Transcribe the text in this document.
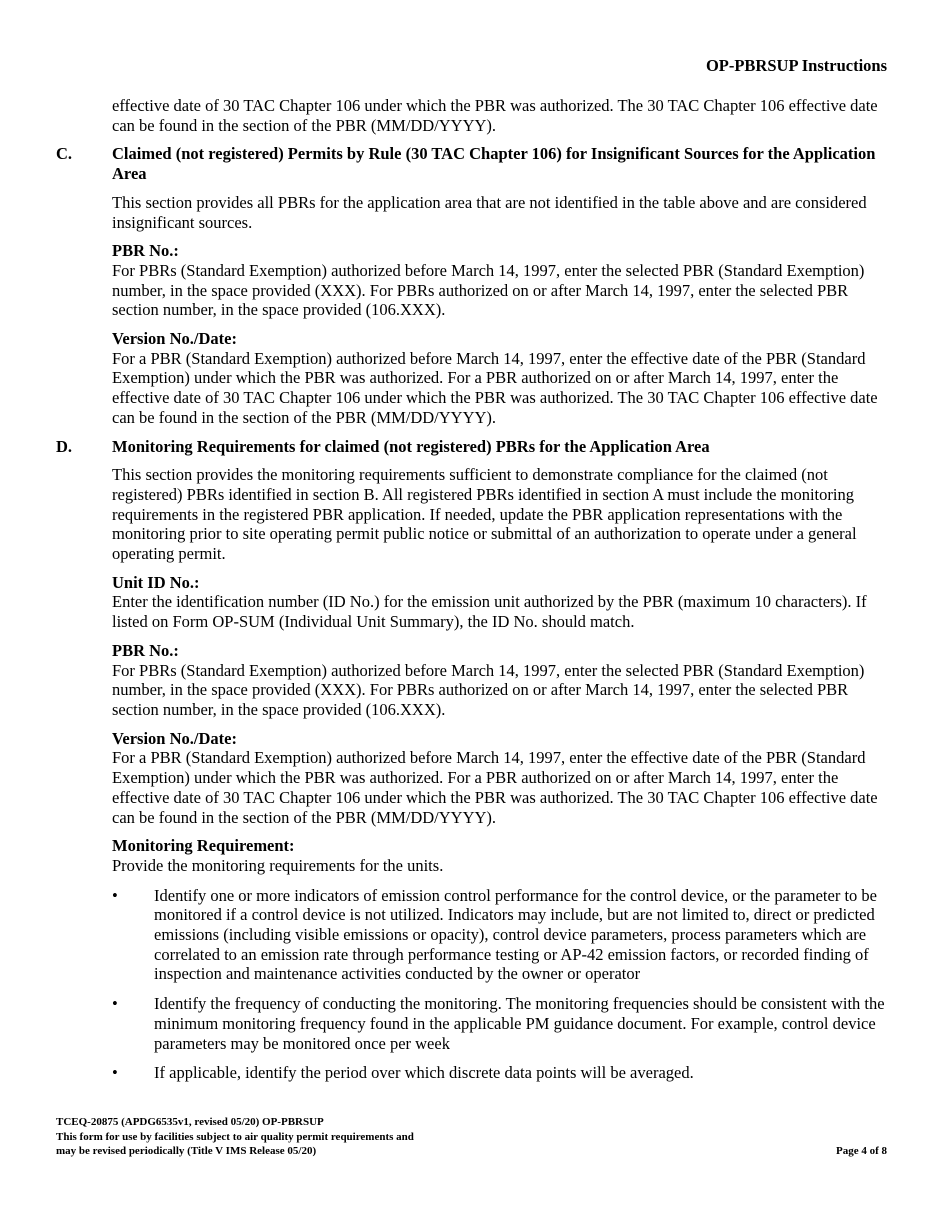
OP-PBRSUP Instructions

effective date of 30 TAC Chapter 106 under which the PBR was authorized. The 30 TAC Chapter 106 effective date can be found in the section of the PBR (MM/DD/YYYY).

C.	Claimed (not registered) Permits by Rule (30 TAC Chapter 106) for Insignificant Sources for the Application Area

This section provides all PBRs for the application area that are not identified in the table above and are considered insignificant sources.

PBR No.:

For PBRs (Standard Exemption) authorized before March 14, 1997, enter the selected PBR (Standard Exemption) number, in the space provided (XXX). For PBRs authorized on or after March 14, 1997, enter the selected PBR section number, in the space provided (106.XXX).

Version No./Date:

For a PBR (Standard Exemption) authorized before March 14, 1997, enter the effective date of the PBR (Standard Exemption) under which the PBR was authorized. For a PBR authorized on or after March 14, 1997, enter the effective date of 30 TAC Chapter 106 under which the PBR was authorized. The 30 TAC Chapter 106 effective date can be found in the section of the PBR (MM/DD/YYYY).

D.	Monitoring Requirements for claimed (not registered) PBRs for the Application Area

This section provides the monitoring requirements sufficient to demonstrate compliance for the claimed (not registered) PBRs identified in section B. All registered PBRs identified in section A must include the monitoring requirements in the registered PBR application. If needed, update the PBR application representations with the monitoring prior to site operating permit public notice or submittal of an authorization to operate under a general operating permit.

Unit ID No.:

Enter the identification number (ID No.) for the emission unit authorized by the PBR (maximum 10 characters). If listed on Form OP-SUM (Individual Unit Summary), the ID No. should match.

PBR No.:

For PBRs (Standard Exemption) authorized before March 14, 1997, enter the selected PBR (Standard Exemption) number, in the space provided (XXX). For PBRs authorized on or after March 14, 1997, enter the selected PBR section number, in the space provided (106.XXX).

Version No./Date:

For a PBR (Standard Exemption) authorized before March 14, 1997, enter the effective date of the PBR (Standard Exemption) under which the PBR was authorized. For a PBR authorized on or after March 14, 1997, enter the effective date of 30 TAC Chapter 106 under which the PBR was authorized. The 30 TAC Chapter 106 effective date can be found in the section of the PBR (MM/DD/YYYY).

Monitoring Requirement:

Provide the monitoring requirements for the units.

•	Identify one or more indicators of emission control performance for the control device, or the parameter to be monitored if a control device is not utilized. Indicators may include, but are not limited to, direct or predicted emissions (including visible emissions or opacity), control device parameters, process parameters which are correlated to an emission rate through performance testing or AP-42 emission factors, or recorded finding of inspection and maintenance activities conducted by the owner or operator
•	Identify the frequency of conducting the monitoring. The monitoring frequencies should be consistent with the minimum monitoring frequency found in the applicable PM guidance document. For example, control device parameters may be monitored once per week
•	If applicable, identify the period over which discrete data points will be averaged.
TCEQ-20875 (APDG6535v1, revised 05/20) OP-PBRSUP
This form for use by facilities subject to air quality permit requirements and
may be revised periodically (Title V IMS Release 05/20)	Page 4 of 8
